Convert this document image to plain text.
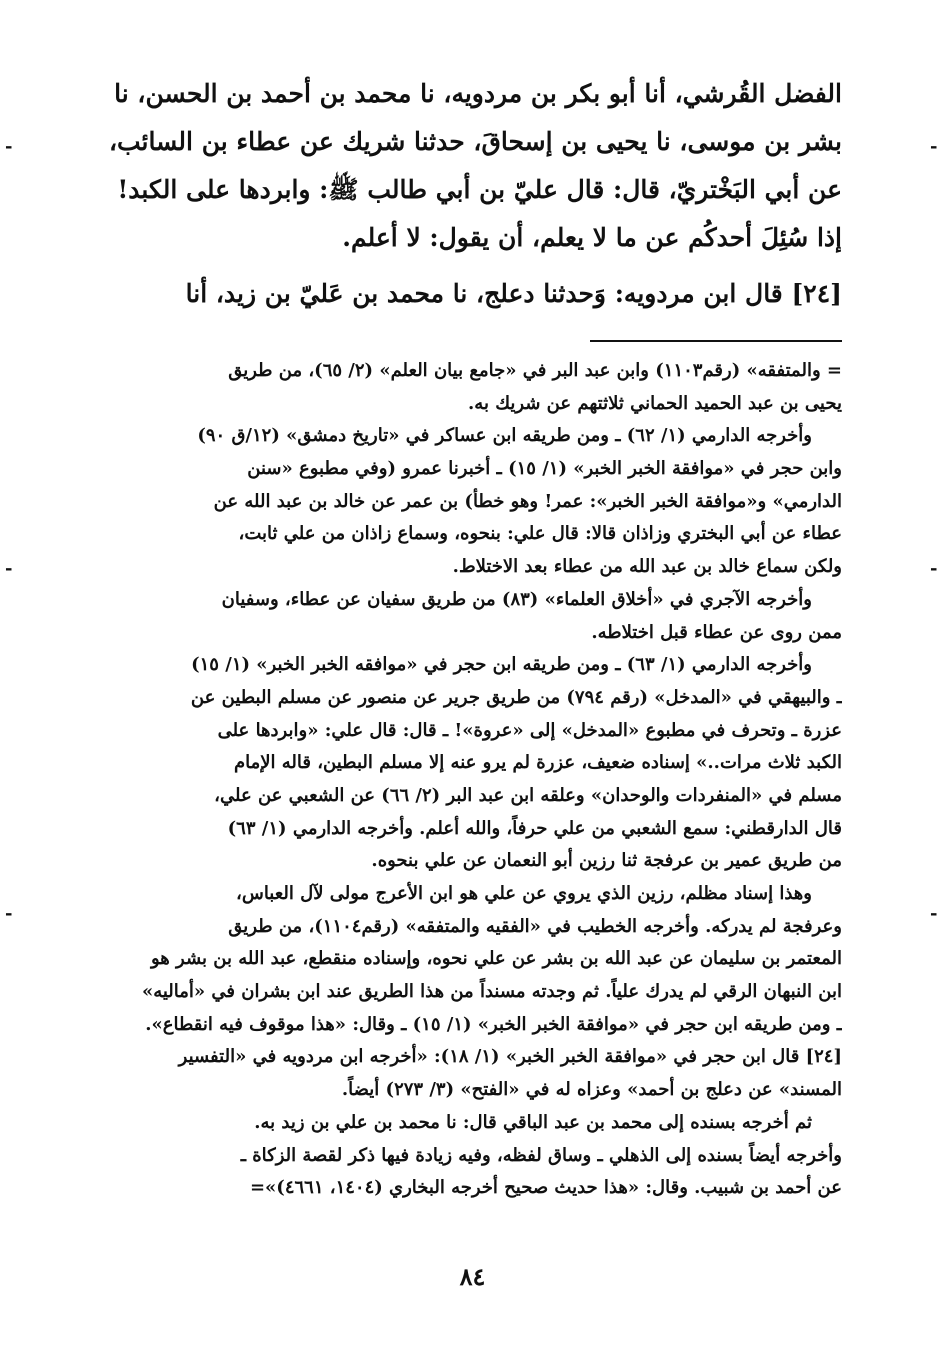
الفضل القُرشي، أنا أبو بكر بن مردويه، نا محمد بن أحمد بن الحسن، نا
بشر بن موسى، نا يحيى بن إسحاقَ، حدثنا شريك عن عطاء بن السائب،
عن أبي البَخْتريّ، قال: قال عليّ بن أبي طالب ﷺ: وابردها على الكبد!
إذا سُئِلَ أحدكُم عن ما لا يعلم، أن يقول: لا أعلم.
[٢٤] قال ابن مردويه: وَحدثنا دعلج، نا محمد بن عَليّ بن زيد، أنا
= والمتفقه» (رقم١١٠٣) وابن عبد البر في «جامع بيان العلم» (٢/ ٦٥)، من طريق
يحيى بن عبد الحميد الحماني ثلاثتهم عن شريك به.
وأخرجه الدارمي (١/ ٦٢) ـ ومن طريقه ابن عساكر في «تاريخ دمشق» (١٢/ق ٩٠)
وابن حجر في «موافقة الخبر الخبر» (١/ ١٥) ـ أخبرنا عمرو (وفي مطبوع «سنن
الدارمي» و«موافقة الخبر الخبر»: عمر! وهو خطأ) بن عمر عن خالد بن عبد الله عن
عطاء عن أبي البختري وزاذان قالا: قال علي: بنحوه، وسماع زاذان من علي ثابت،
ولكن سماع خالد بن عبد الله من عطاء بعد الاختلاط.
وأخرجه الآجري في «أخلاق العلماء» (٨٣) من طريق سفيان عن عطاء، وسفيان
ممن روى عن عطاء قبل اختلاطه.
وأخرجه الدارمي (١/ ٦٣) ـ ومن طريقه ابن حجر في «موافقه الخبر الخبر» (١/ ١٥)
ـ والبيهقي في «المدخل» (رقم ٧٩٤) من طريق جرير عن منصور عن مسلم البطين عن
عزرة ـ وتحرف في مطبوع «المدخل» إلى «عروة»! ـ قال: قال علي: «وابردها على
الكبد ثلاث مرات..» إسناده ضعيف، عزرة لم يرو عنه إلا مسلم البطين، قاله الإمام
مسلم في «المنفردات والوحدان» وعلقه ابن عبد البر (٢/ ٦٦) عن الشعبي عن علي،
قال الدارقطني: سمع الشعبي من علي حرفاً، والله أعلم. وأخرجه الدارمي (١/ ٦٣)
من طريق عمير بن عرفجة ثنا رزين أبو النعمان عن علي بنحوه.
وهذا إسناد مظلم، رزين الذي يروي عن علي هو ابن الأعرج مولى لآل العباس،
وعرفجة لم يدركه. وأخرجه الخطيب في «الفقيه والمتفقه» (رقم١١٠٤)، من طريق
المعتمر بن سليمان عن عبد الله بن بشر عن علي نحوه، وإسناده منقطع، عبد الله بن بشر هو
ابن النبهان الرقي لم يدرك علياً. ثم وجدته مسنداً من هذا الطريق عند ابن بشران في «أماليه»
ـ ومن طريقه ابن حجر في «موافقة الخبر الخبر» (١/ ١٥) ـ وقال: «هذا موقوف فيه انقطاع».
[٢٤] قال ابن حجر في «موافقة الخبر الخبر» (١/ ١٨): «أخرجه ابن مردويه في «التفسير
المسند» عن دعلج بن أحمد» وعزاه له في «الفتح» (٣/ ٢٧٣) أيضاً.
ثم أخرجه بسنده إلى محمد بن عبد الباقي قال: نا محمد بن علي بن زيد به.
وأخرجه أيضاً بسنده إلى الذهلي ـ وساق لفظه، وفيه زيادة فيها ذكر لقصة الزكاة ـ
عن أحمد بن شبيب. وقال: «هذا حديث صحيح أخرجه البخاري (١٤٠٤، ٤٦٦١)»=
-
-
-
-
-
-
٨٤
